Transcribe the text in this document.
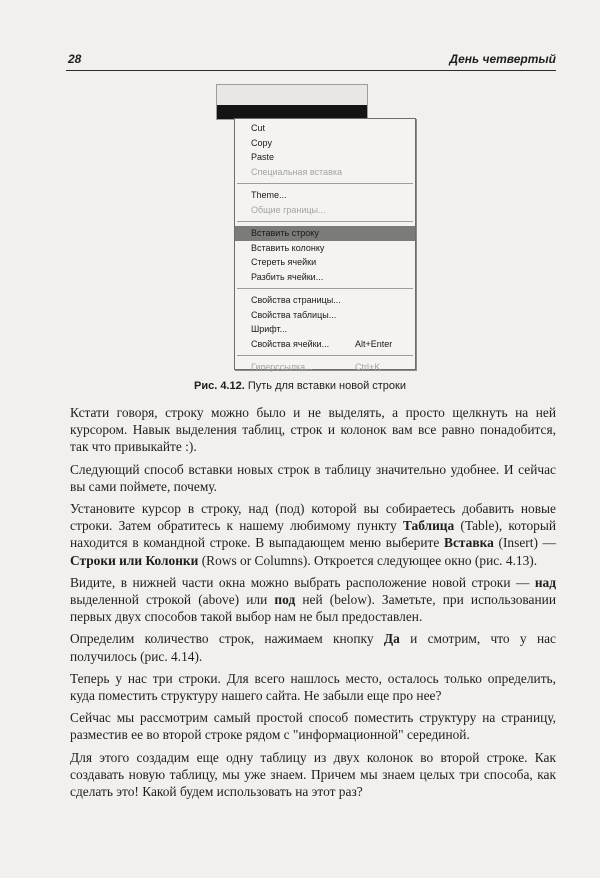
28	День четвертый
Cut
Copy
Paste
Специальная вставка
Theme...
Общие границы...
Вставить строку
Вставить колонку
Стереть ячейки
Разбить ячейки...
Свойства страницы...
Свойства таблицы...
Шрифт...
Свойства ячейки...	Alt+Enter
Гиперссылка...	Ctrl+K
Рис. 4.12. Путь для вставки новой строки

Кстати говоря, строку можно было и не выделять, а просто щелкнуть на ней курсором. Навык выделения таблиц, строк и колонок вам все равно понадобится, так что привыкайте :).

Следующий способ вставки новых строк в таблицу значительно удобнее. И сейчас вы сами поймете, почему.

Установите курсор в строку, над (под) которой вы собираетесь добавить новые строки. Затем обратитесь к нашему любимому пункту Таблица (Table), который находится в командной строке. В выпадающем меню выберите Вставка (Insert) — Строки или Колонки (Rows or Columns). Откроется следующее окно (рис. 4.13).

Видите, в нижней части окна можно выбрать расположение новой строки — над выделенной строкой (above) или под ней (below). Заметьте, при использовании первых двух способов такой выбор нам не был предоставлен.

Определим количество строк, нажимаем кнопку Да и смотрим, что у нас получилось (рис. 4.14).

Теперь у нас три строки. Для всего нашлось место, осталось только определить, куда поместить структуру нашего сайта. Не забыли еще про нее?

Сейчас мы рассмотрим самый простой способ поместить структуру на страницу, разместив ее во второй строке рядом с "информационной" серединой.

Для этого создадим еще одну таблицу из двух колонок во второй строке. Как создавать новую таблицу, мы уже знаем. Причем мы знаем целых три способа, как сделать это! Какой будем использовать на этот раз?
